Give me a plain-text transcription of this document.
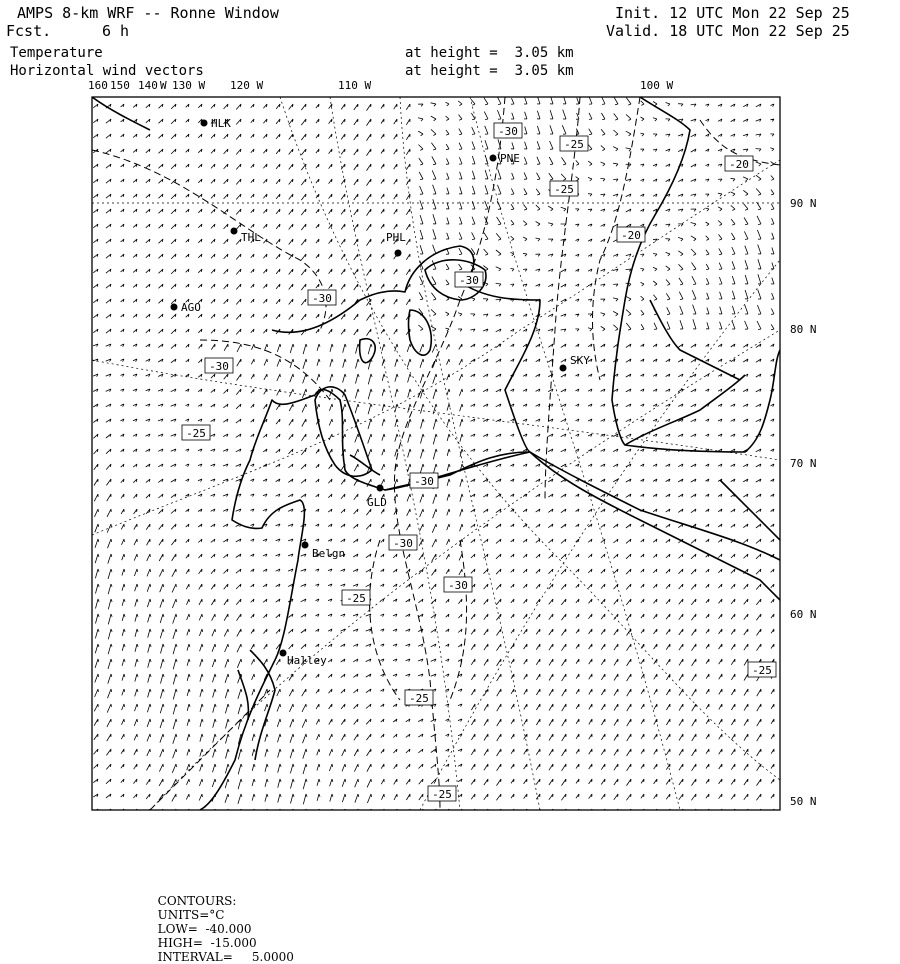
AMPS 8-km WRF -- Ronne Window
Fcst.	6 h
Init. 12 UTC Mon 22 Sep 25
Valid. 18 UTC Mon 22 Sep 25
Temperature
Horizontal wind vectors
at height =  3.05 km
at height =  3.05 km
-30
-25
-25
-20
-20
-30
-30
-30
-25
-30
-30
-25
-30
-25
-25
-25
HLK
PNE
THL	PHL
AGO
SKY
GLD
Belgn
Halley
160 150 140 W 130 W 120 W	110 W	100 W
90 N
80 N
70 N
60 N
50 N

CONTOURS:
UNITS=°C
LOW=  -40.000
HIGH=  -15.000
INTERVAL=     5.0000
